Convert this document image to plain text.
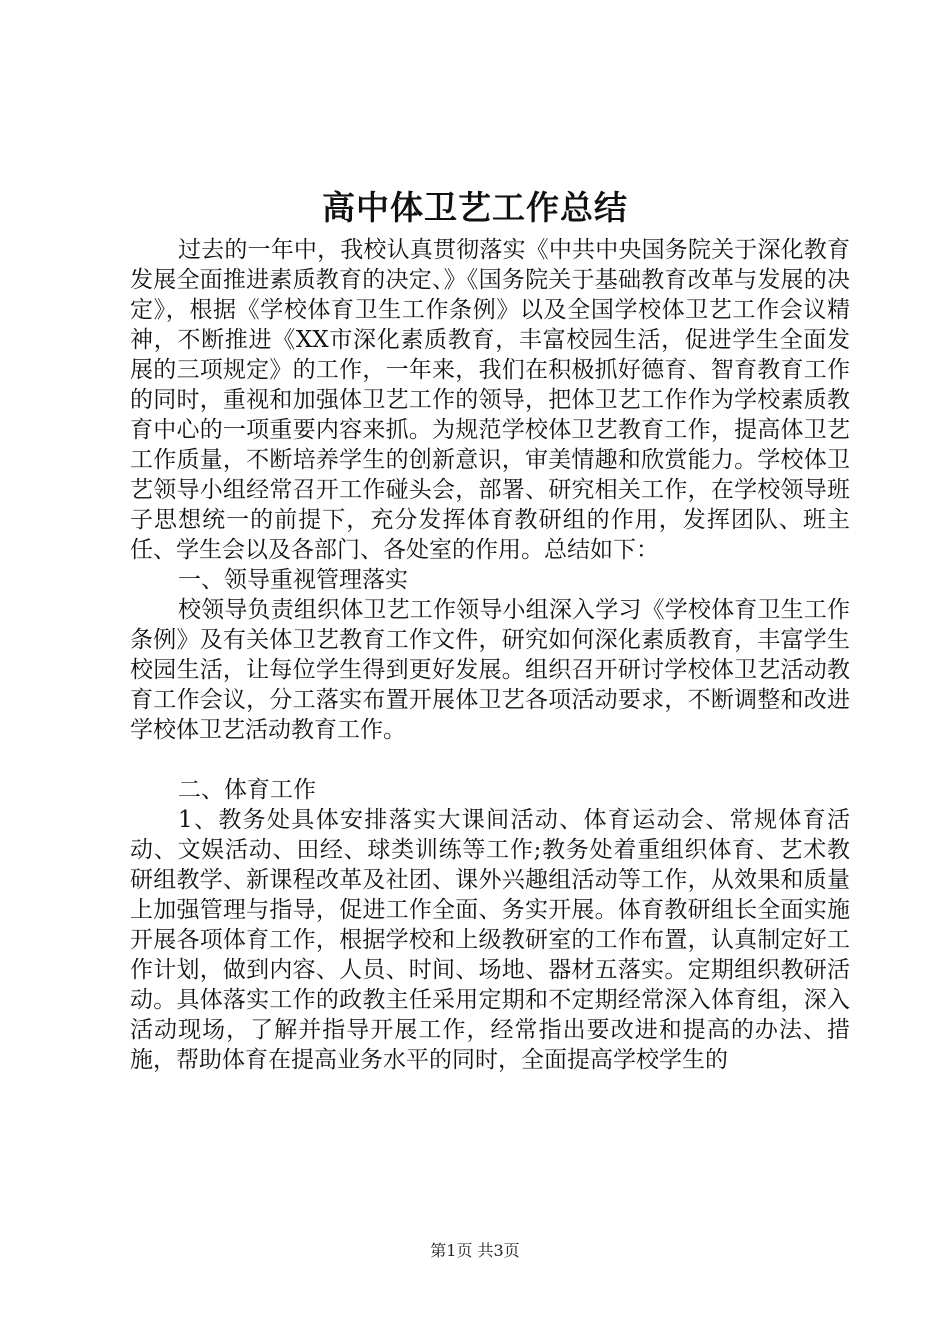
高中体卫艺工作总结

过去的一年中，我校认真贯彻落实《中共中央国务院关于深化教育发展全面推进素质教育的决定、》《国务院关于基础教育改革与发展的决定》，根据《学校体育卫生工作条例》以及全国学校体卫艺工作会议精神，不断推进《XX市深化素质教育，丰富校园生活，促进学生全面发展的三项规定》的工作，一年来，我们在积极抓好德育、智育教育工作的同时，重视和加强体卫艺工作的领导，把体卫艺工作作为学校素质教育中心的一项重要内容来抓。为规范学校体卫艺教育工作，提高体卫艺工作质量，不断培养学生的创新意识，审美情趣和欣赏能力。学校体卫艺领导小组经常召开工作碰头会，部署、研究相关工作，在学校领导班子思想统一的前提下，充分发挥体育教研组的作用，发挥团队、班主任、学生会以及各部门、各处室的作用。总结如下：

一、领导重视管理落实

校领导负责组织体卫艺工作领导小组深入学习《学校体育卫生工作条例》及有关体卫艺教育工作文件，研究如何深化素质教育，丰富学生校园生活，让每位学生得到更好发展。组织召开研讨学校体卫艺活动教育工作会议，分工落实布置开展体卫艺各项活动要求，不断调整和改进学校体卫艺活动教育工作。

二、体育工作

1、教务处具体安排落实大课间活动、体育运动会、常规体育活动、文娱活动、田经、球类训练等工作;教务处着重组织体育、艺术教研组教学、新课程改革及社团、课外兴趣组活动等工作，从效果和质量上加强管理与指导，促进工作全面、务实开展。体育教研组长全面实施开展各项体育工作，根据学校和上级教研室的工作布置，认真制定好工作计划，做到内容、人员、时间、场地、器材五落实。定期组织教研活动。具体落实工作的政教主任采用定期和不定期经常深入体育组，深入活动现场，了解并指导开展工作，经常指出要改进和提高的办法、措施，帮助体育在提高业务水平的同时，全面提高学校学生的

第1页 共3页
